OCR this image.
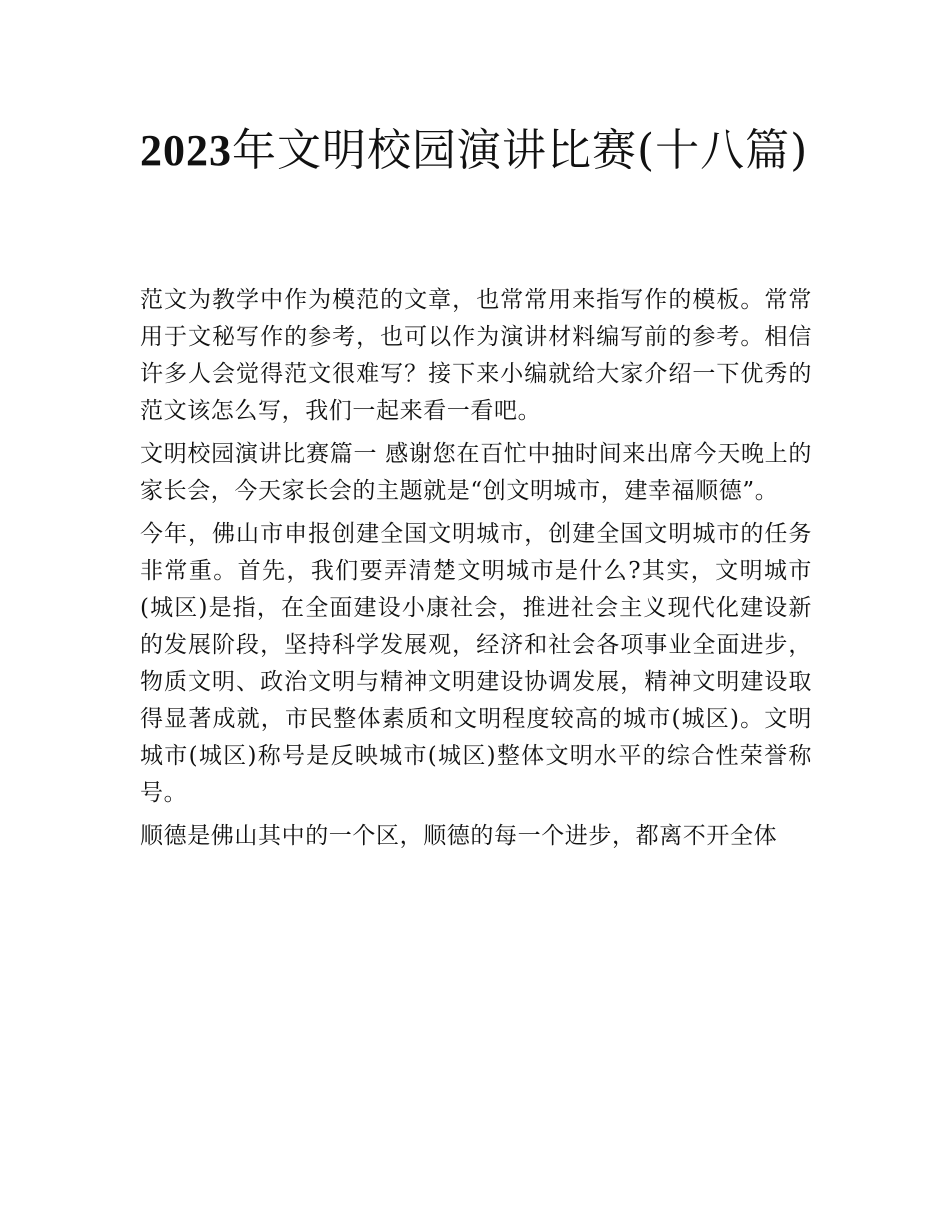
2023年文明校园演讲比赛(十八篇)

范文为教学中作为模范的文章，也常常用来指写作的模板。常常用于文秘写作的参考，也可以作为演讲材料编写前的参考。相信许多人会觉得范文很难写？接下来小编就给大家介绍一下优秀的范文该怎么写，我们一起来看一看吧。

文明校园演讲比赛篇一 感谢您在百忙中抽时间来出席今天晚上的家长会，今天家长会的主题就是“创文明城市，建幸福顺德”。

今年，佛山市申报创建全国文明城市，创建全国文明城市的任务非常重。首先，我们要弄清楚文明城市是什么?其实，文明城市(城区)是指，在全面建设小康社会，推进社会主义现代化建设新的发展阶段，坚持科学发展观，经济和社会各项事业全面进步，物质文明、政治文明与精神文明建设协调发展，精神文明建设取得显著成就，市民整体素质和文明程度较高的城市(城区)。文明城市(城区)称号是反映城市(城区)整体文明水平的综合性荣誉称号。

顺德是佛山其中的一个区，顺德的每一个进步，都离不开全体
